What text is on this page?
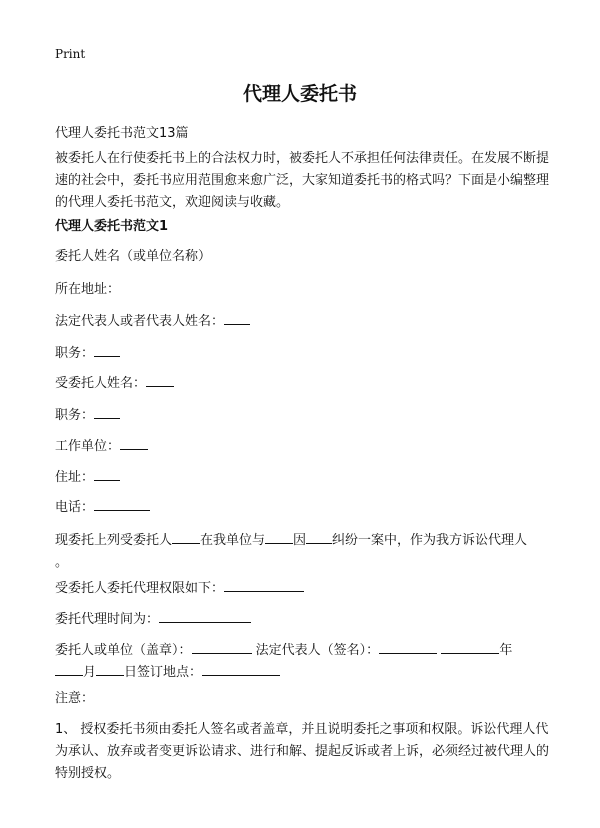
Print
代理人委托书
代理人委托书范文13篇
被委托人在行使委托书上的合法权力时，被委托人不承担任何法律责任。在发展不断提速的社会中，委托书应用范围愈来愈广泛，大家知道委托书的格式吗？下面是小编整理的代理人委托书范文，欢迎阅读与收藏。
代理人委托书范文1
委托人姓名（或单位名称）
所在地址：
法定代表人或者代表人姓名：
职务：
受委托人姓名：
职务：
工作单位：
住址：
电话：
现委托上列受委托人 在我单位与 因 纠纷一案中，作为我方诉讼代理人
。
受委托人委托代理权限如下：
委托代理时间为：
委托人或单位（盖章）：	法定代表人（签名）：	年
月 日签订地点：
注意：
1、 授权委托书须由委托人签名或者盖章，并且说明委托之事项和权限。诉讼代理人代为承认、放弃或者变更诉讼请求、进行和解、提起反诉或者上诉，必须经过被代理人的特别授权。
